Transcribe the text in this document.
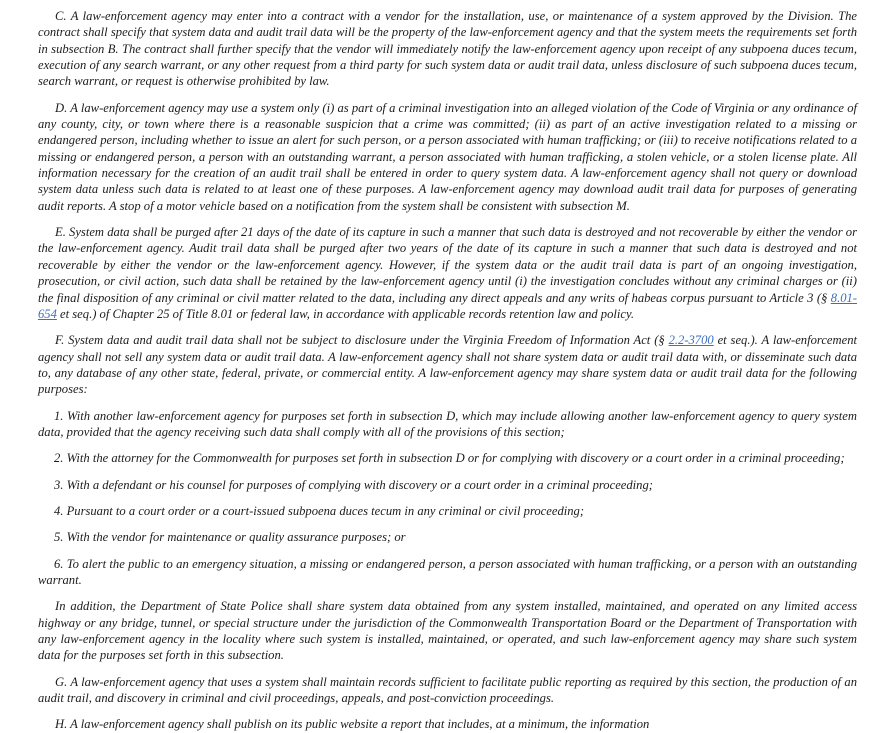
C. A law-enforcement agency may enter into a contract with a vendor for the installation, use, or maintenance of a system approved by the Division. The contract shall specify that system data and audit trail data will be the property of the law-enforcement agency and that the system meets the requirements set forth in subsection B. The contract shall further specify that the vendor will immediately notify the law-enforcement agency upon receipt of any subpoena duces tecum, execution of any search warrant, or any other request from a third party for such system data or audit trail data, unless disclosure of such subpoena duces tecum, search warrant, or request is otherwise prohibited by law.

D. A law-enforcement agency may use a system only (i) as part of a criminal investigation into an alleged violation of the Code of Virginia or any ordinance of any county, city, or town where there is a reasonable suspicion that a crime was committed; (ii) as part of an active investigation related to a missing or endangered person, including whether to issue an alert for such person, or a person associated with human trafficking; or (iii) to receive notifications related to a missing or endangered person, a person with an outstanding warrant, a person associated with human trafficking, a stolen vehicle, or a stolen license plate. All information necessary for the creation of an audit trail shall be entered in order to query system data. A law-enforcement agency shall not query or download system data unless such data is related to at least one of these purposes. A law-enforcement agency may download audit trail data for purposes of generating audit reports. A stop of a motor vehicle based on a notification from the system shall be consistent with subsection M.

E. System data shall be purged after 21 days of the date of its capture in such a manner that such data is destroyed and not recoverable by either the vendor or the law-enforcement agency. Audit trail data shall be purged after two years of the date of its capture in such a manner that such data is destroyed and not recoverable by either the vendor or the law-enforcement agency. However, if the system data or the audit trail data is part of an ongoing investigation, prosecution, or civil action, such data shall be retained by the law-enforcement agency until (i) the investigation concludes without any criminal charges or (ii) the final disposition of any criminal or civil matter related to the data, including any direct appeals and any writs of habeas corpus pursuant to Article 3 (§ 8.01-654 et seq.) of Chapter 25 of Title 8.01 or federal law, in accordance with applicable records retention law and policy.

F. System data and audit trail data shall not be subject to disclosure under the Virginia Freedom of Information Act (§ 2.2-3700 et seq.). A law-enforcement agency shall not sell any system data or audit trail data. A law-enforcement agency shall not share system data or audit trail data with, or disseminate such data to, any database of any other state, federal, private, or commercial entity. A law-enforcement agency may share system data or audit trail data for the following purposes:

1. With another law-enforcement agency for purposes set forth in subsection D, which may include allowing another law-enforcement agency to query system data, provided that the agency receiving such data shall comply with all of the provisions of this section;

2. With the attorney for the Commonwealth for purposes set forth in subsection D or for complying with discovery or a court order in a criminal proceeding;

3. With a defendant or his counsel for purposes of complying with discovery or a court order in a criminal proceeding;

4. Pursuant to a court order or a court-issued subpoena duces tecum in any criminal or civil proceeding;

5. With the vendor for maintenance or quality assurance purposes; or

6. To alert the public to an emergency situation, a missing or endangered person, a person associated with human trafficking, or a person with an outstanding warrant.

In addition, the Department of State Police shall share system data obtained from any system installed, maintained, and operated on any limited access highway or any bridge, tunnel, or special structure under the jurisdiction of the Commonwealth Transportation Board or the Department of Transportation with any law-enforcement agency in the locality where such system is installed, maintained, or operated, and such law-enforcement agency may share such system data for the purposes set forth in this subsection.

G. A law-enforcement agency that uses a system shall maintain records sufficient to facilitate public reporting as required by this section, the production of an audit trail, and discovery in criminal and civil proceedings, appeals, and post-conviction proceedings.

H. A law-enforcement agency shall publish on its public website a report that includes, at a minimum, the information
